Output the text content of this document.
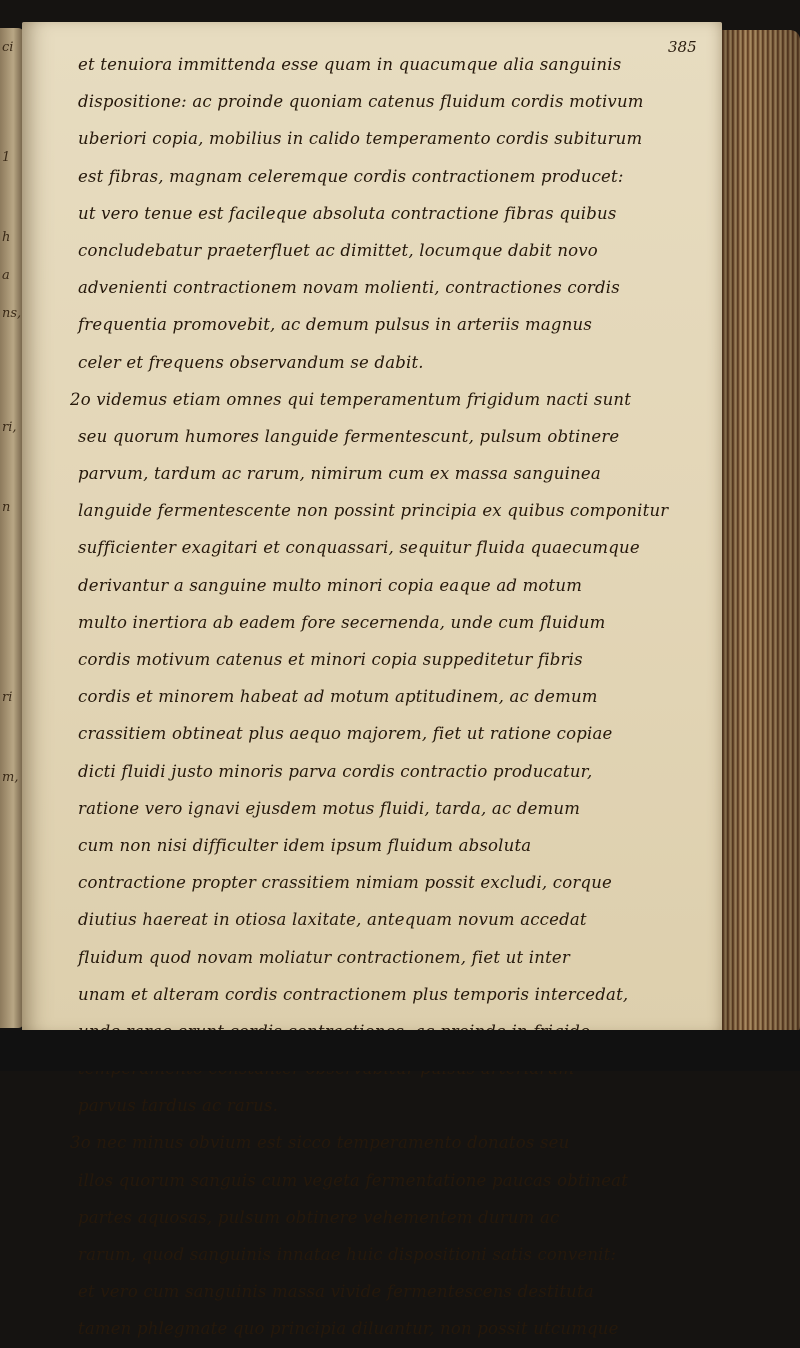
ci
1
h
a
ns,
ri,
n
ri
m,
385
et tenuiora immittenda esse quam in quacumque alia sanguinis
dispositione: ac proinde quoniam catenus fluidum cordis motivum
uberiori copia, mobilius in calido temperamento cordis subiturum
est fibras, magnam celeremque cordis contractionem producet:
ut vero tenue est facileque absoluta contractione fibras quibus
concludebatur praeterfluet ac dimittet, locumque dabit novo
advenienti contractionem novam molienti, contractiones cordis
frequentia promovebit, ac demum pulsus in arteriis magnus
celer et frequens observandum se dabit.
2o videmus etiam omnes qui temperamentum frigidum nacti sunt
seu quorum humores languide fermentescunt, pulsum obtinere
parvum, tardum ac rarum, nimirum cum ex massa sanguinea
languide fermentescente non possint principia ex quibus componitur
sufficienter exagitari et conquassari, sequitur fluida quaecumque
derivantur a sanguine multo minori copia eaque ad motum
multo inertiora ab eadem fore secernenda, unde cum fluidum
cordis motivum catenus et minori copia suppeditetur fibris
cordis et minorem habeat ad motum aptitudinem, ac demum
crassitiem obtineat plus aequo majorem, fiet ut ratione copiae
dicti fluidi justo minoris parva cordis contractio producatur,
ratione vero ignavi ejusdem motus fluidi, tarda, ac demum
cum non nisi difficulter idem ipsum fluidum absoluta
contractione propter crassitiem nimiam possit excludi, corque
diutius haereat in otiosa laxitate, antequam novum accedat
fluidum quod novam moliatur contractionem, fiet ut inter
unam et alteram cordis contractionem plus temporis intercedat,
parvus tardus ac rarus.
3o nec minus obvium est sicco temperamento donatos seu
illos quorum sanguis cum vegeta fermentatione paucas obtineat
partes aquosas, pulsum obtinere vehementem durum ac
rarum, quod sanguinis innatae huic dispositioni satis convenit:
et vero cum sanguinis massa vivide fermentescens destituta
tamen phlegmate quo principia diluantur, non possit utcumque
